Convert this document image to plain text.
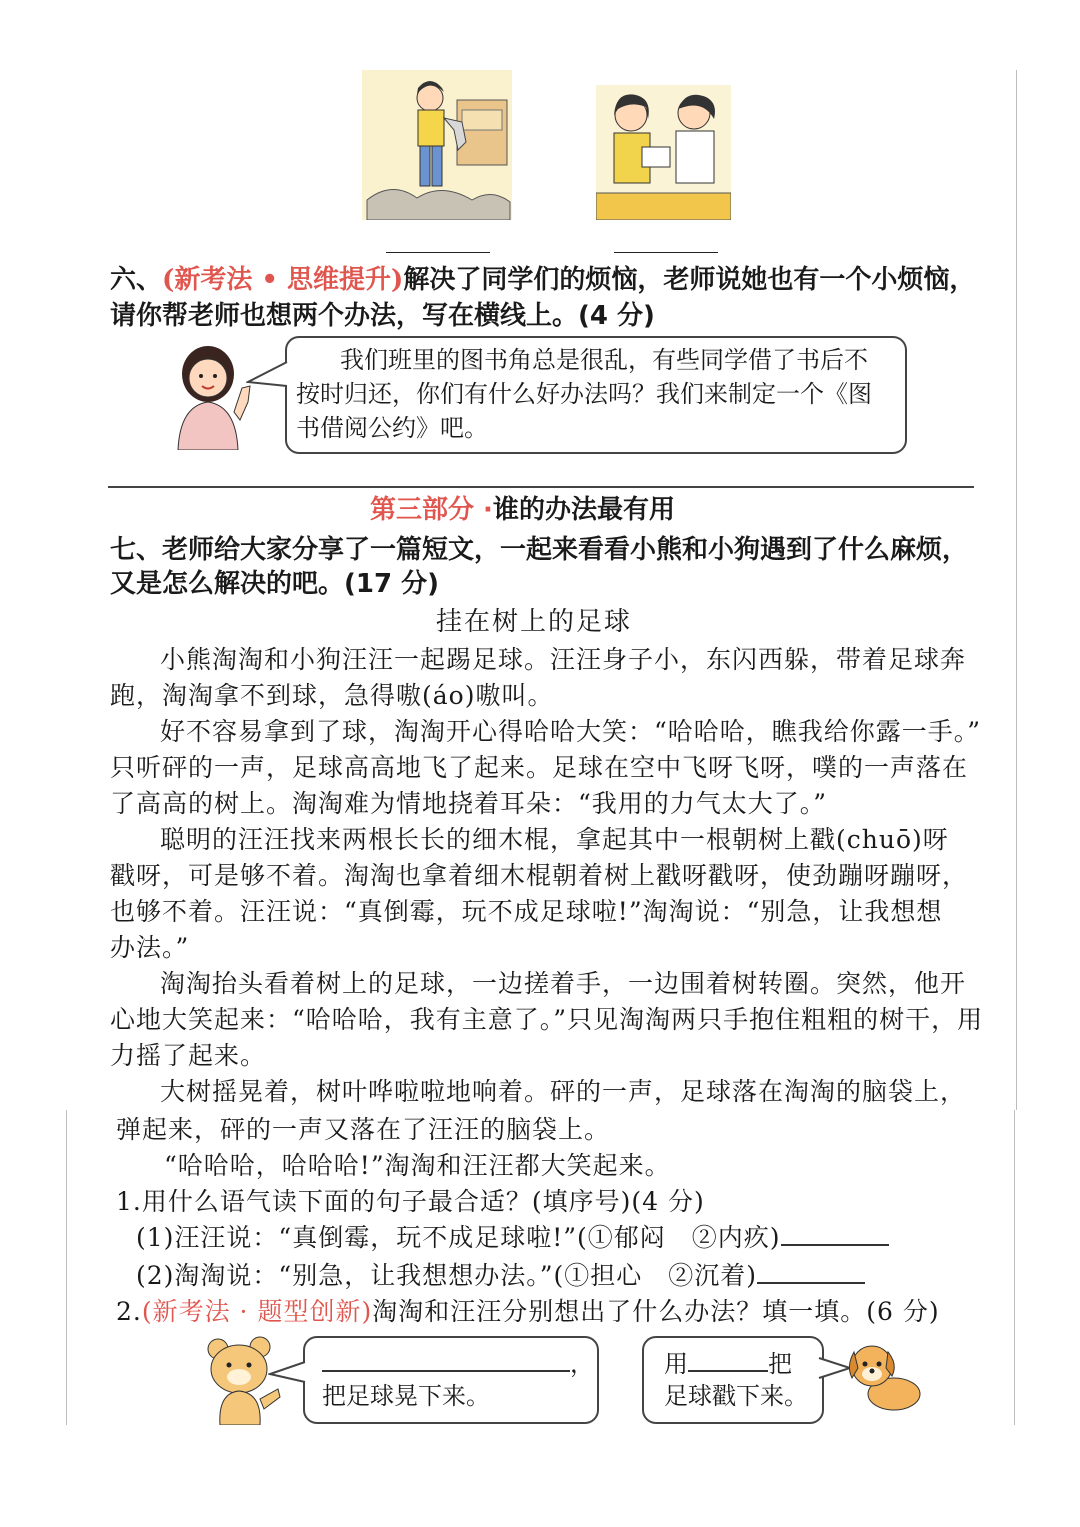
六、(新考法 • 思维提升)解决了同学们的烦恼，老师说她也有一个小烦恼，
请你帮老师也想两个办法，写在横线上。(4 分)
我们班里的图书角总是很乱，有些同学借了书后不
按时归还，你们有什么好办法吗？我们来制定一个《图
书借阅公约》吧。
第三部分 ·谁的办法最有用
七、老师给大家分享了一篇短文，一起来看看小熊和小狗遇到了什么麻烦，
又是怎么解决的吧。(17 分)
挂在树上的足球
小熊淘淘和小狗汪汪一起踢足球。汪汪身子小，东闪西躲，带着足球奔
跑，淘淘拿不到球，急得嗷(áo)嗷叫。
好不容易拿到了球，淘淘开心得哈哈大笑：“哈哈哈，瞧我给你露一手。”
只听砰的一声，足球高高地飞了起来。足球在空中飞呀飞呀，噗的一声落在
了高高的树上。淘淘难为情地挠着耳朵：“我用的力气太大了。”
聪明的汪汪找来两根长长的细木棍，拿起其中一根朝树上戳(chuō)呀
戳呀，可是够不着。淘淘也拿着细木棍朝着树上戳呀戳呀，使劲蹦呀蹦呀，
也够不着。汪汪说：“真倒霉，玩不成足球啦!”淘淘说：“别急，让我想想
办法。”
淘淘抬头看着树上的足球，一边搓着手，一边围着树转圈。突然，他开
心地大笑起来：“哈哈哈，我有主意了。”只见淘淘两只手抱住粗粗的树干，用
力摇了起来。
大树摇晃着，树叶哗啦啦地响着。砰的一声，足球落在淘淘的脑袋上，
弹起来，砰的一声又落在了汪汪的脑袋上。
“哈哈哈，哈哈哈!”淘淘和汪汪都大笑起来。
1.用什么语气读下面的句子最合适？(填序号)(4 分)
(1)汪汪说：“真倒霉，玩不成足球啦!”(①郁闷　②内疚)
(2)淘淘说：“别急，让我想想办法。”(①担心　②沉着)
2.(新考法 · 题型创新)淘淘和汪汪分别想出了什么办法？填一填。(6 分)
，
把足球晃下来。
用	把
足球戳下来。
